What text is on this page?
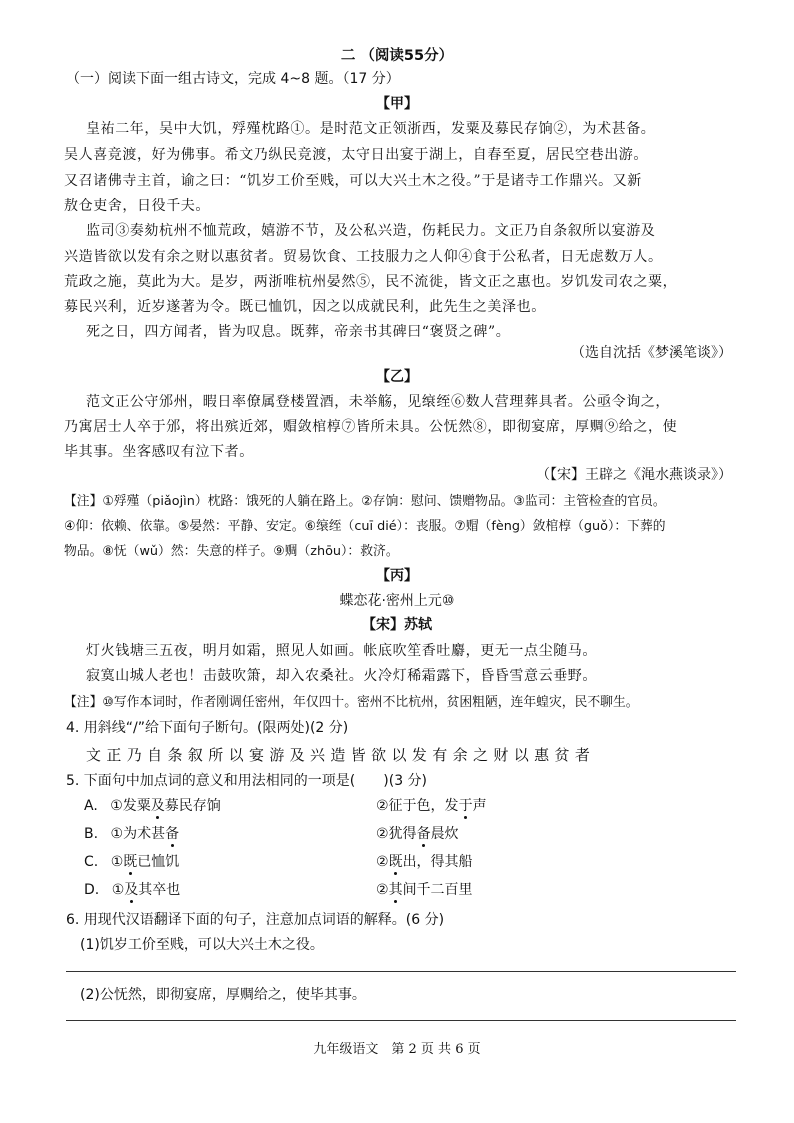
二 （阅读55分）
（一）阅读下面一组古诗文，完成 4~8 题。（17 分）
【甲】
皇祐二年，吴中大饥，殍殣枕路①。是时范文正领浙西，发粟及募民存饷②，为术甚备。
吴人喜竞渡，好为佛事。希文乃纵民竞渡，太守日出宴于湖上，自春至夏，居民空巷出游。
又召诸佛寺主首，谕之曰：“饥岁工价至贱，可以大兴土木之役。”于是诸寺工作鼎兴。又新
敖仓吏舍，日役千夫。
监司③奏劾杭州不恤荒政，嬉游不节，及公私兴造，伤耗民力。文正乃自条叙所以宴游及
兴造皆欲以发有余之财以惠贫者。贸易饮食、工技服力之人仰④食于公私者，日无虑数万人。
荒政之施，莫此为大。是岁，两浙唯杭州晏然⑤，民不流徙，皆文正之惠也。岁饥发司农之粟，
募民兴利，近岁遂著为令。既已恤饥，因之以成就民利，此先生之美泽也。
死之日，四方闻者，皆为叹息。既葬，帝亲书其碑曰“褒贤之碑”。
（选自沈括《梦溪笔谈》）
【乙】
范文正公守邠州，暇日率僚属登楼置酒，未举觞，见缞绖⑥数人营理葬具者。公亟令询之，
乃寓居士人卒于邠，将出殡近郊，赗敛棺椁⑦皆所未具。公怃然⑧，即彻宴席，厚赒⑨给之，使
毕其事。坐客感叹有泣下者。
（【宋】王辟之《渑水燕谈录》）
【注】①殍殣（piǎojìn）枕路：饿死的人躺在路上。②存饷：慰问、馈赠物品。③监司：主管检查的官员。
④仰：依赖、依靠。⑤晏然：平静、安定。⑥缞绖（cuī dié）：丧服。⑦赗（fèng）敛棺椁（guǒ）：下葬的
物品。⑧怃（wǔ）然：失意的样子。⑨赒（zhōu）：救济。
【丙】
蝶恋花·密州上元⑩
【宋】苏轼
灯火钱塘三五夜，明月如霜，照见人如画。帐底吹笙香吐麝，更无一点尘随马。
寂寞山城人老也！击鼓吹箫，却入农桑社。火冷灯稀霜露下，昏昏雪意云垂野。
【注】⑩写作本词时，作者刚调任密州，年仅四十。密州不比杭州，贫困粗陋，连年蝗灾，民不聊生。
4. 用斜线“/”给下面句子断句。(限两处)(2 分)
文 正 乃 自 条 叙 所 以 宴 游 及 兴 造 皆 欲 以 发 有 余 之 财 以 惠 贫 者
5. 下面句中加点词的意义和用法相同的一项是(　　)(3 分)
A. ①发粟及募民存饷	②征于色，发于声
B. ①为术甚备	②犹得备晨炊
C. ①既已恤饥	②既出，得其船
D. ①及其卒也	②其间千二百里
6. 用现代汉语翻译下面的句子，注意加点词语的解释。(6 分)
(1)饥岁工价至贱，可以大兴土木之役。
(2)公怃然，即彻宴席，厚赒给之，使毕其事。
九年级语文　第 2 页 共 6 页
